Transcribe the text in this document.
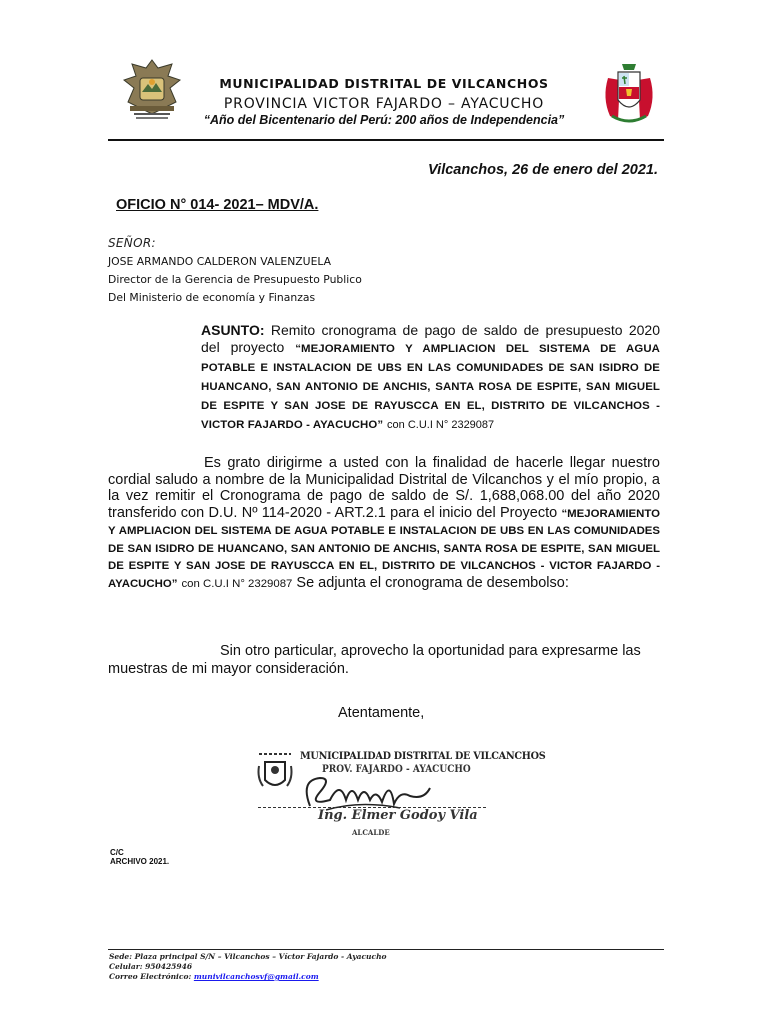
MUNICIPALIDAD DISTRITAL DE VILCANCHOS
PROVINCIA VICTOR FAJARDO – AYACUCHO
“Año del Bicentenario del Perú: 200 años de Independencia”
Vilcanchos, 26 de enero del 2021.
OFICIO N° 014- 2021– MDV/A.
SEÑOR:
JOSE ARMANDO CALDERON VALENZUELA
Director de la Gerencia de Presupuesto Publico
Del Ministerio de economía y Finanzas
ASUNTO: Remito cronograma de pago de saldo de presupuesto 2020 del proyecto “MEJORAMIENTO Y AMPLIACION DEL SISTEMA DE AGUA POTABLE E INSTALACION DE UBS EN LAS COMUNIDADES DE SAN ISIDRO DE HUANCANO, SAN ANTONIO DE ANCHIS, SANTA ROSA DE ESPITE, SAN MIGUEL DE ESPITE Y SAN JOSE DE RAYUSCCA EN EL, DISTRITO DE VILCANCHOS - VICTOR FAJARDO - AYACUCHO” con C.U.I N° 2329087
Es grato dirigirme a usted con la finalidad de hacerle llegar nuestro cordial saludo a nombre de la Municipalidad Distrital de Vilcanchos y el mío propio, a la vez remitir el Cronograma de pago de saldo de S/. 1,688,068.00 del año 2020 transferido con D.U. Nº 114-2020 - ART.2.1 para el inicio del Proyecto “MEJORAMIENTO Y AMPLIACION DEL SISTEMA DE AGUA POTABLE E INSTALACION DE UBS EN LAS COMUNIDADES DE SAN ISIDRO DE HUANCANO, SAN ANTONIO DE ANCHIS, SANTA ROSA DE ESPITE, SAN MIGUEL DE ESPITE Y SAN JOSE DE RAYUSCCA EN EL, DISTRITO DE VILCANCHOS - VICTOR FAJARDO - AYACUCHO” con C.U.I N° 2329087 Se adjunta el cronograma de desembolso:
Sin otro particular, aprovecho la oportunidad para expresarme las muestras de mi mayor consideración.
Atentamente,
MUNICIPALIDAD DISTRITAL DE VILCANCHOS
PROV. FAJARDO - AYACUCHO
Ing. Elmer Godoy Vila
ALCALDE
C/C
ARCHIVO 2021.
Sede: Plaza principal S/N – Vilcanchos – Víctor Fajardo - Ayacucho
Celular: 950425946
Correo Electrónico: munivilcanchosvf@gmail.com
